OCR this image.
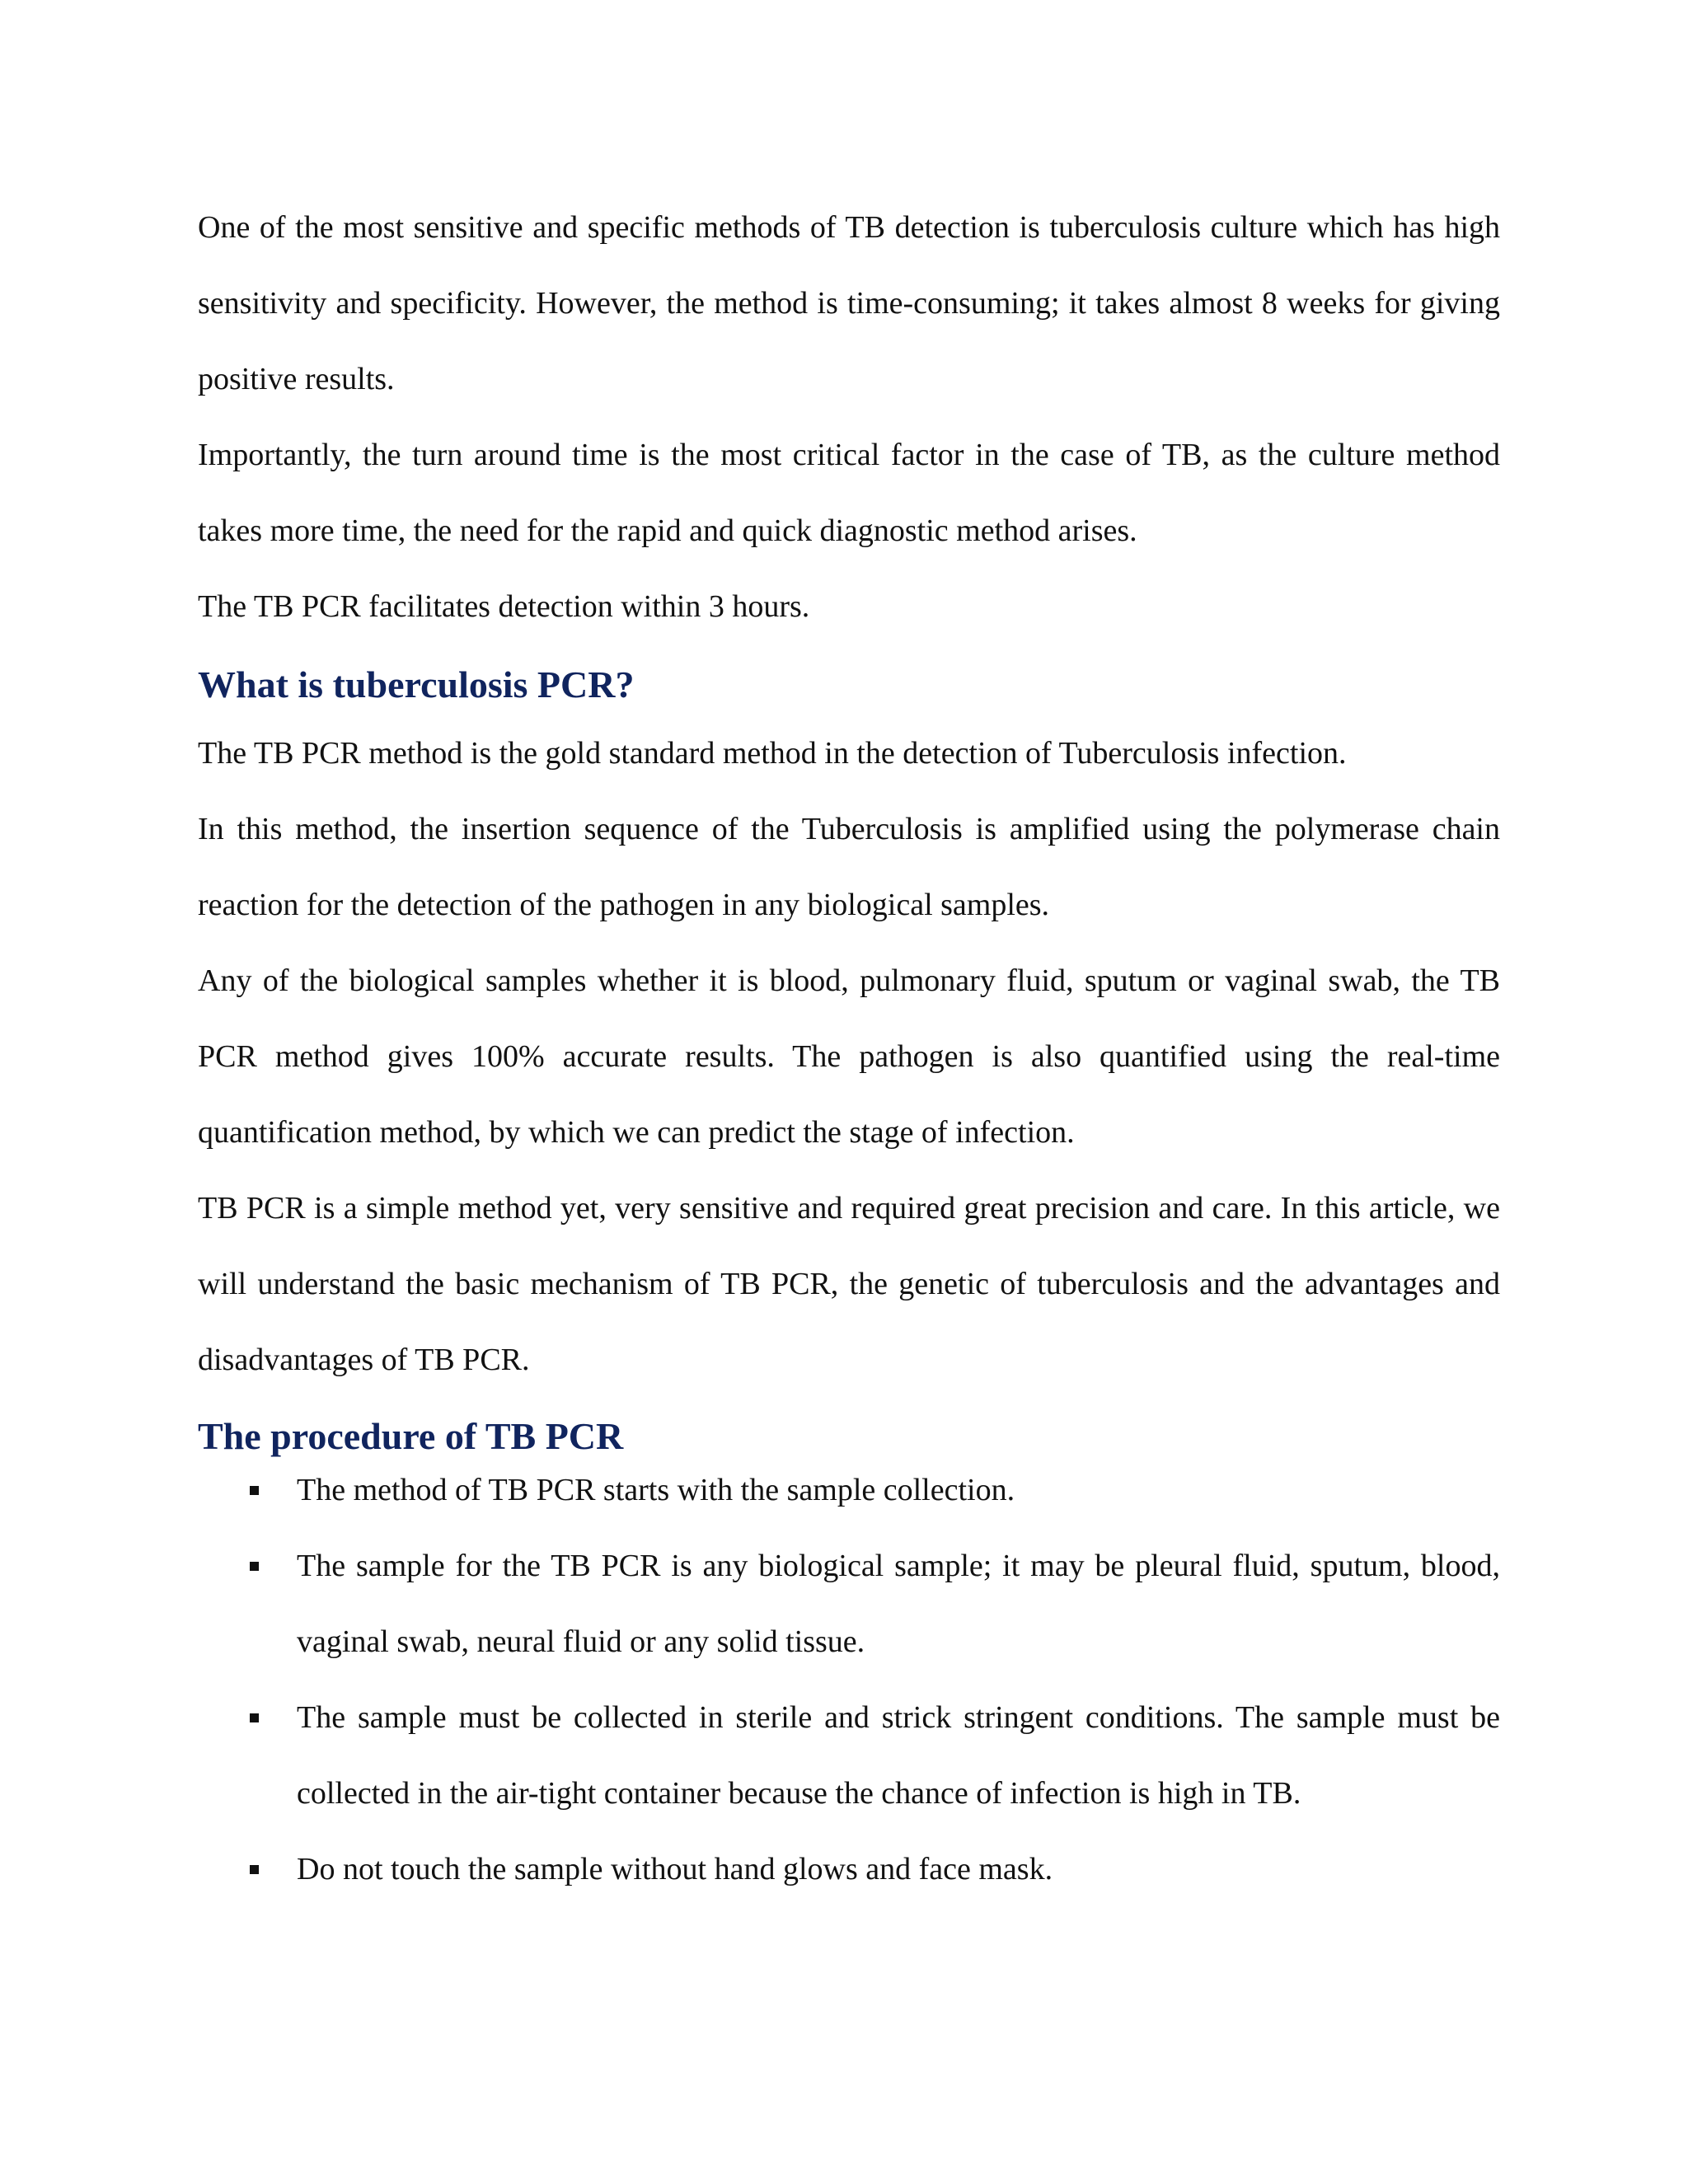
One of the most sensitive and specific methods of TB detection is tuberculosis culture which has high sensitivity and specificity. However, the method is time-consuming; it takes almost 8 weeks for giving positive results.

Importantly, the turn around time is the most critical factor in the case of TB, as the culture method takes more time, the need for the rapid and quick diagnostic method arises.

The TB PCR facilitates detection within 3 hours.

What is tuberculosis PCR?

The TB PCR method is the gold standard method in the detection of Tuberculosis infection.

In this method, the insertion sequence of the Tuberculosis is amplified using the polymerase chain reaction for the detection of the pathogen in any biological samples.

Any of the biological samples whether it is blood, pulmonary fluid, sputum or vaginal swab, the TB PCR method gives 100% accurate results. The pathogen is also quantified using the real-time quantification method, by which we can predict the stage of infection.

TB PCR is a simple method yet, very sensitive and required great precision and care. In this article, we will understand the basic mechanism of TB PCR, the genetic of tuberculosis and the advantages and disadvantages of TB PCR.

The procedure of TB PCR
The method of TB PCR starts with the sample collection.
The sample for the TB PCR is any biological sample; it may be pleural fluid, sputum, blood, vaginal swab, neural fluid or any solid tissue.
The sample must be collected in sterile and strick stringent conditions. The sample must be collected in the air-tight container because the chance of infection is high in TB.
Do not touch the sample without hand glows and face mask.
